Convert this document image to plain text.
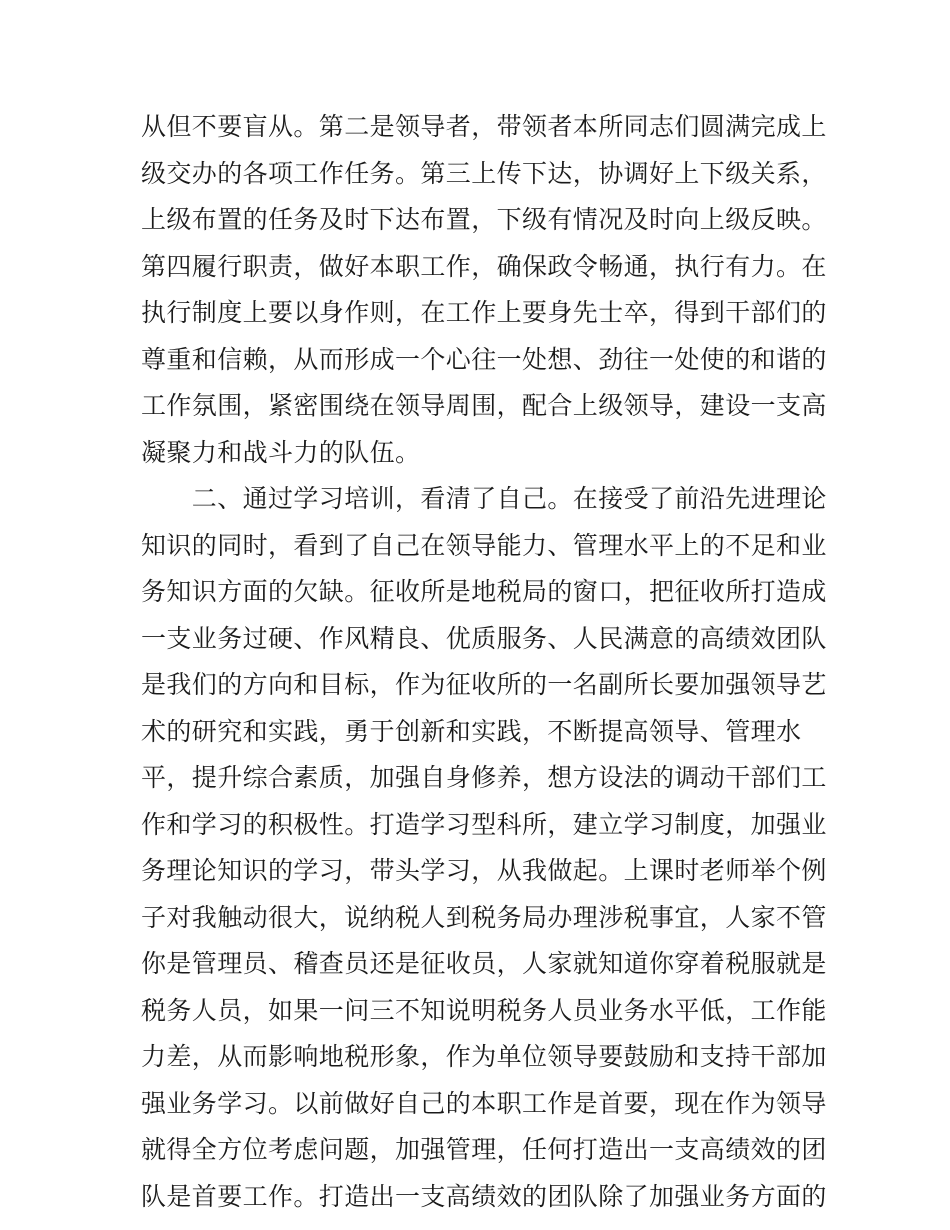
从但不要盲从。第二是领导者，带领者本所同志们圆满完成上
级交办的各项工作任务。第三上传下达，协调好上下级关系，
上级布置的任务及时下达布置，下级有情况及时向上级反映。
第四履行职责，做好本职工作，确保政令畅通，执行有力。在
执行制度上要以身作则，在工作上要身先士卒，得到干部们的
尊重和信赖，从而形成一个心往一处想、劲往一处使的和谐的
工作氛围，紧密围绕在领导周围，配合上级领导，建设一支高
凝聚力和战斗力的队伍。
　　二、通过学习培训，看清了自己。在接受了前沿先进理论
知识的同时，看到了自己在领导能力、管理水平上的不足和业
务知识方面的欠缺。征收所是地税局的窗口，把征收所打造成
一支业务过硬、作风精良、优质服务、人民满意的高绩效团队
是我们的方向和目标，作为征收所的一名副所长要加强领导艺
术的研究和实践，勇于创新和实践，不断提高领导、管理水
平，提升综合素质，加强自身修养，想方设法的调动干部们工
作和学习的积极性。打造学习型科所，建立学习制度，加强业
务理论知识的学习，带头学习，从我做起。上课时老师举个例
子对我触动很大，说纳税人到税务局办理涉税事宜，人家不管
你是管理员、稽查员还是征收员，人家就知道你穿着税服就是
税务人员，如果一问三不知说明税务人员业务水平低，工作能
力差，从而影响地税形象，作为单位领导要鼓励和支持干部加
强业务学习。以前做好自己的本职工作是首要，现在作为领导
就得全方位考虑问题，加强管理，任何打造出一支高绩效的团
队是首要工作。打造出一支高绩效的团队除了加强业务方面的
